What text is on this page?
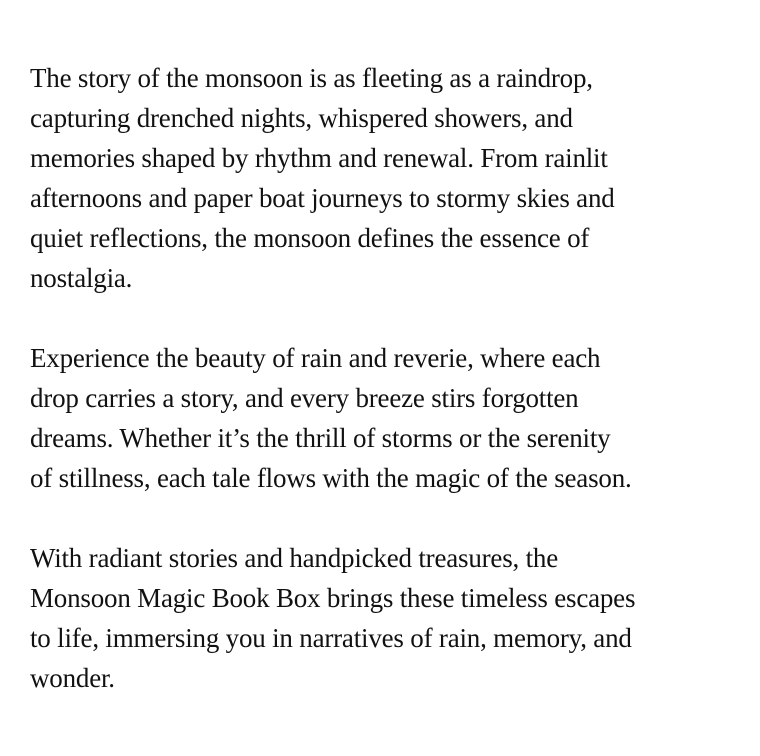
The story of the monsoon is as fleeting as a raindrop,
capturing drenched nights, whispered showers, and
memories shaped by rhythm and renewal. From rainlit
afternoons and paper boat journeys to stormy skies and
quiet reflections, the monsoon defines the essence of
nostalgia.

Experience the beauty of rain and reverie, where each
drop carries a story, and every breeze stirs forgotten
dreams. Whether it’s the thrill of storms or the serenity
of stillness, each tale flows with the magic of the season.

With radiant stories and handpicked treasures, the
Monsoon Magic Book Box brings these timeless escapes
to life, immersing you in narratives of rain, memory, and
wonder.
